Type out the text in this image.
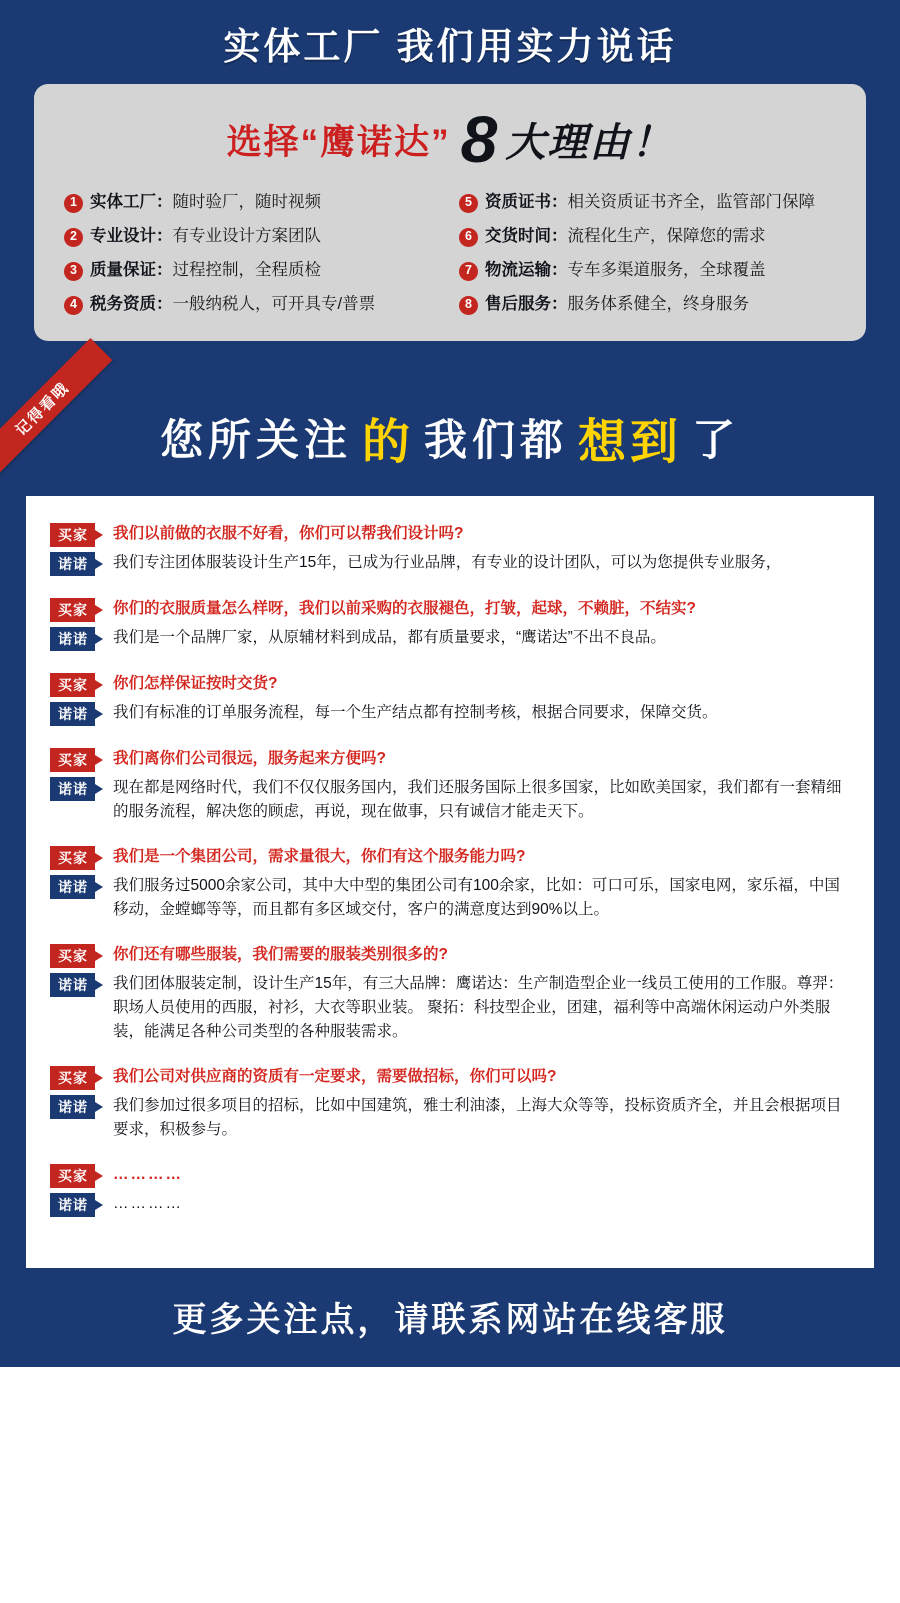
实体工厂 我们用实力说话
选择“鹰诺达” 8 大理由！
1 实体工厂：随时验厂，随时视频	5 资质证书：相关资质证书齐全，监管部门保障
2 专业设计：有专业设计方案团队	6 交货时间：流程化生产，保障您的需求
3 质量保证：过程控制，全程质检	7 物流运输：专车多渠道服务，全球覆盖
4 税务资质：一般纳税人，可开具专/普票	8 售后服务：服务体系健全，终身服务
记得看哦
您所关注 的 我们都 想到 了
买家	我们以前做的衣服不好看，你们可以帮我们设计吗?
诺诺	我们专注团体服装设计生产15年，已成为行业品牌，有专业的设计团队，可以为您提供专业服务，
买家	你们的衣服质量怎么样呀，我们以前采购的衣服褪色，打皱，起球，不赖脏，不结实?
诺诺	我们是一个品牌厂家，从原辅材料到成品，都有质量要求，“鹰诺达”不出不良品。
买家	你们怎样保证按时交货?
诺诺	我们有标准的订单服务流程，每一个生产结点都有控制考核，根据合同要求，保障交货。
买家	我们离你们公司很远，服务起来方便吗?
诺诺	现在都是网络时代，我们不仅仅服务国内，我们还服务国际上很多国家，比如欧美国家，我们都有一套精细的服务流程，解决您的顾虑，再说，现在做事，只有诚信才能走天下。
买家	我们是一个集团公司，需求量很大，你们有这个服务能力吗?
诺诺	我们服务过5000余家公司，其中大中型的集团公司有100余家，比如：可口可乐，国家电网，家乐福，中国移动，金螳螂等等，而且都有多区域交付，客户的满意度达到90%以上。
买家	你们还有哪些服装，我们需要的服装类别很多的?
诺诺	我们团体服装定制，设计生产15年，有三大品牌：鹰诺达：生产制造型企业一线员工使用的工作服。尊羿：职场人员使用的西服，衬衫，大衣等职业装。 聚拓：科技型企业，团建，福利等中高端休闲运动户外类服装，能满足各种公司类型的各种服装需求。
买家	我们公司对供应商的资质有一定要求，需要做招标，你们可以吗?
诺诺	我们参加过很多项目的招标，比如中国建筑，雅士利油漆，上海大众等等，投标资质齐全，并且会根据项目要求，积极参与。
买家	…………
诺诺	…………
更多关注点，请联系网站在线客服
